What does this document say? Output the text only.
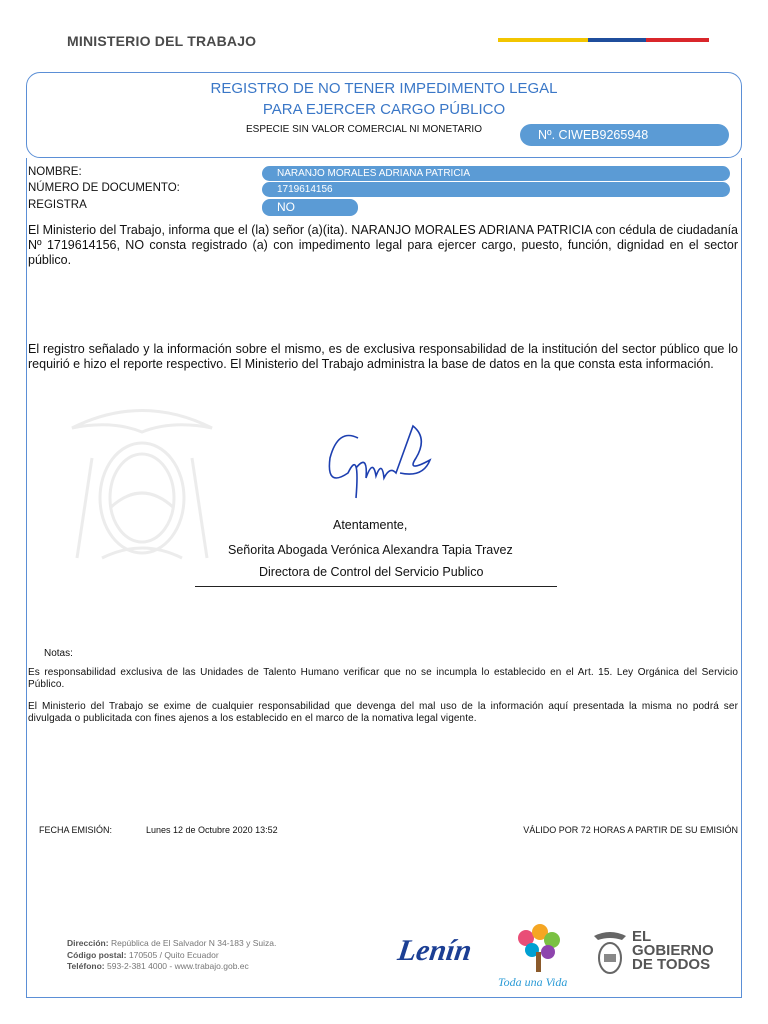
MINISTERIO DEL TRABAJO
REGISTRO DE NO TENER IMPEDIMENTO LEGAL
PARA EJERCER CARGO PÚBLICO
ESPECIE SIN VALOR COMERCIAL NI MONETARIO	Nº. CIWEB9265948
NOMBRE:	NARANJO MORALES ADRIANA PATRICIA
NÚMERO DE DOCUMENTO:	1719614156
REGISTRA	NO
El Ministerio del Trabajo, informa que el (la) señor (a)(ita). NARANJO MORALES ADRIANA PATRICIA con cédula de ciudadanía Nº 1719614156, NO consta registrado (a) con impedimento legal para ejercer cargo, puesto, función, dignidad en el sector público.
El registro señalado y la información sobre el mismo, es de exclusiva responsabilidad de la institución del sector público que lo requirió e hizo el reporte respectivo. El Ministerio del Trabajo administra la base de datos en la que consta esta información.
Atentamente,
Señorita Abogada Verónica Alexandra Tapia Travez
Directora de Control del Servicio Publico
Notas:
Es responsabilidad exclusiva de las Unidades de Talento Humano verificar que no se incumpla lo establecido en el Art. 15. Ley Orgánica del Servicio Público.
El Ministerio del Trabajo se exime de cualquier responsabilidad que devenga del mal uso de la información aquí presentada la misma no podrá ser divulgada o publicitada con fines ajenos a los establecido en el marco de la nomativa legal vigente.
FECHA EMISIÓN:	Lunes 12 de Octubre 2020 13:52	VÁLIDO POR 72 HORAS A PARTIR DE SU EMISIÓN
Dirección: República de El Salvador N 34-183 y Suiza.
Código postal: 170505 / Quito Ecuador
Teléfono: 593-2-381 4000 - www.trabajo.gob.ec	Lenín
Toda una Vida
EL
GOBIERNO
DE TODOS
